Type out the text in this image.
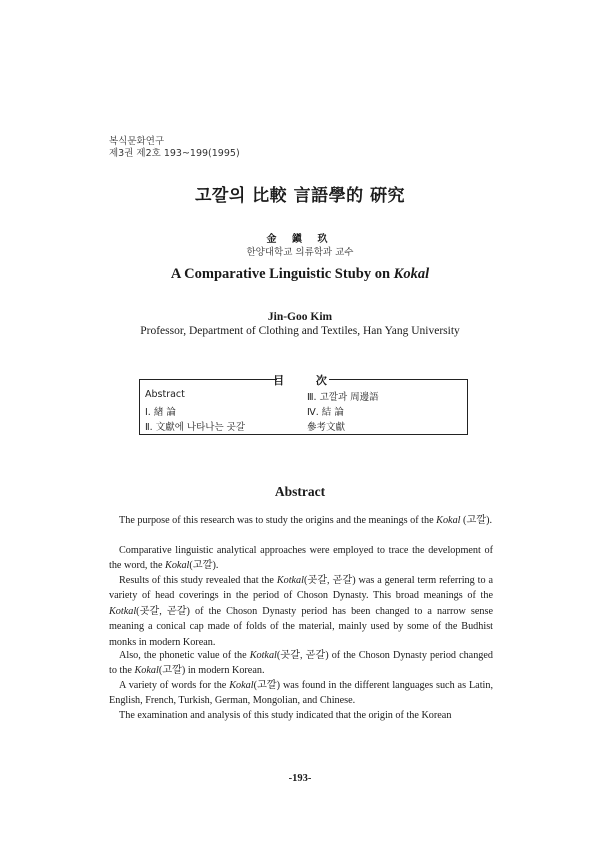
복식문화연구
제3권 제2호 193~199(1995)
고깔의 比較 言語學的 硏究
金 鎭 玖
한양대학교 의류학과 교수
A Comparative Linguistic Stuby on Kokal
Jin-Goo Kim
Professor, Department of Clothing and Textiles, Han Yang University
目 次
Abstract
Ⅰ. 緖 論
Ⅱ. 文獻에 나타나는 곳갈
Ⅲ. 고깔과 周邊語
Ⅳ. 結 論
參考文獻
Abstract

The purpose of this research was to study the origins and the meanings of the Kokal (고깔).

Comparative linguistic analytical approaches were employed to trace the development of the word, the Kokal(고깔).

Results of this study revealed that the Kotkal(곳갈, 곧갈) was a general term referring to a variety of head coverings in the period of Choson Dynasty. This broad meanings of the Kotkal(곳갈, 곧갈) of the Choson Dynasty period has been changed to a narrow sense meaning a conical cap made of folds of the material, mainly used by some of the Budhist monks in modern Korean.

Also, the phonetic value of the Kotkal(곳갈, 곧갈) of the Choson Dynasty period changed to the Kokal(고깔) in modern Korean.

A variety of words for the Kokal(고깔) was found in the different languages such as Latin, English, French, Turkish, German, Mongolian, and Chinese.

The examination and analysis of this study indicated that the origin of the Korean

-193-
